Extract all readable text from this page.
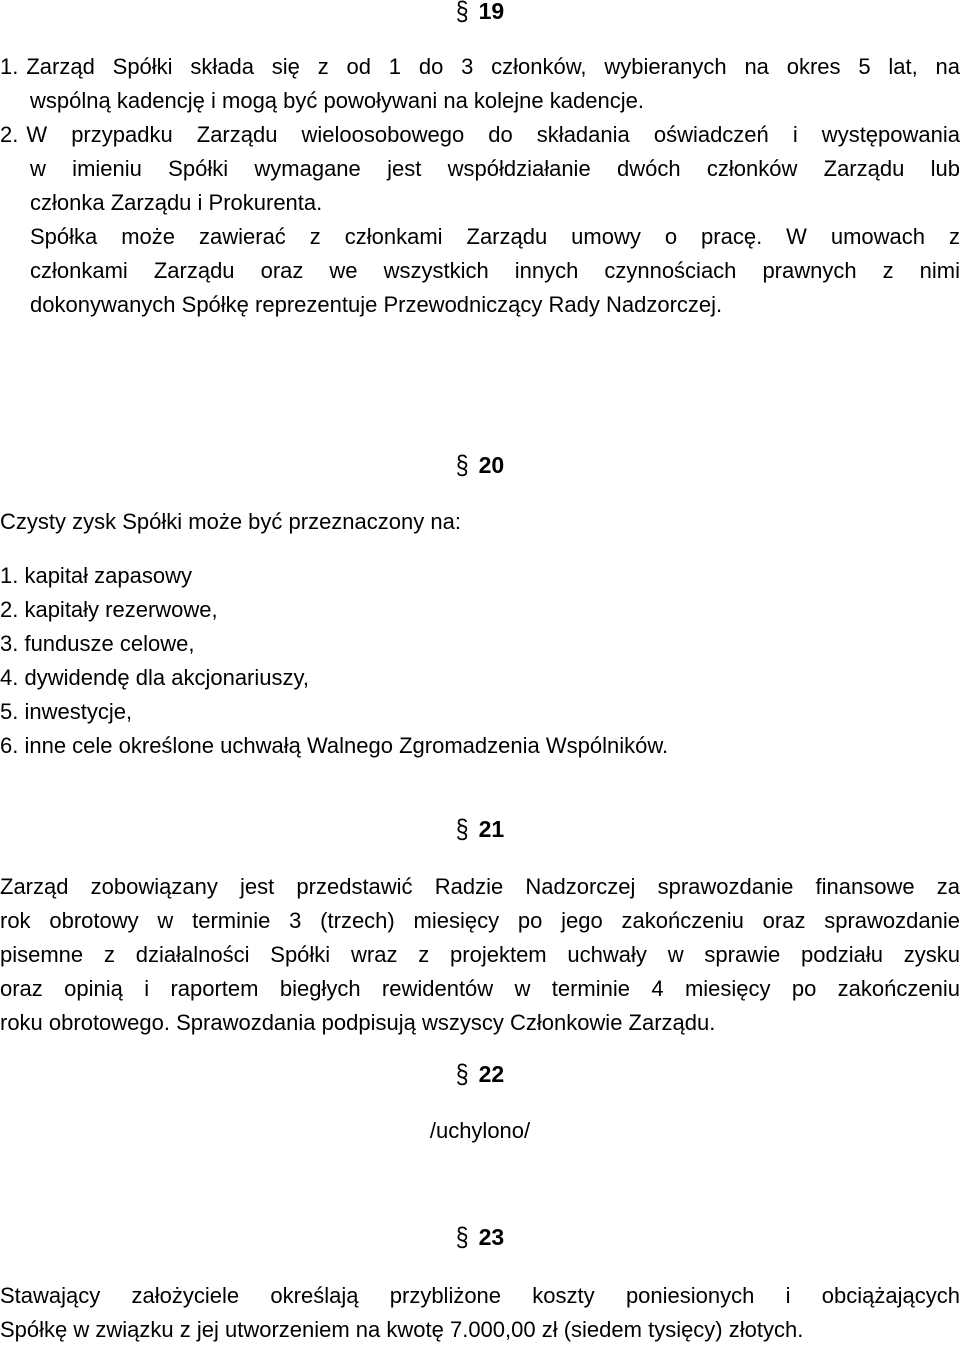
§ 19
1. Zarząd Spółki składa się z od 1 do 3 członków, wybieranych na okres 5 lat, na
wspólną kadencję i mogą być powoływani na kolejne kadencje.
2. W przypadku Zarządu wieloosobowego do składania oświadczeń i występowania
w imieniu Spółki wymagane jest współdziałanie dwóch członków Zarządu lub
członka Zarządu i Prokurenta.
Spółka może zawierać z członkami Zarządu umowy o pracę. W umowach z
członkami Zarządu oraz we wszystkich innych czynnościach prawnych z nimi
dokonywanych Spółkę reprezentuje Przewodniczący Rady Nadzorczej.
§ 20
Czysty zysk Spółki może być przeznaczony na:
1. kapitał zapasowy
2. kapitały rezerwowe,
3. fundusze celowe,
4. dywidendę dla akcjonariuszy,
5. inwestycje,
6. inne cele określone uchwałą Walnego Zgromadzenia Wspólników.
§ 21
Zarząd zobowiązany jest przedstawić Radzie Nadzorczej sprawozdanie finansowe za
rok obrotowy w terminie 3 (trzech) miesięcy po jego zakończeniu oraz sprawozdanie
pisemne z działalności Spółki wraz z projektem uchwały w sprawie podziału zysku
oraz opinią i raportem biegłych rewidentów w terminie 4 miesięcy po zakończeniu
roku obrotowego. Sprawozdania podpisują wszyscy Członkowie Zarządu.
§ 22
/uchylono/
§ 23
Stawający założyciele określają przybliżone koszty poniesionych i obciążających
Spółkę w związku z jej utworzeniem na kwotę 7.000,00 zł (siedem tysięcy) złotych.
